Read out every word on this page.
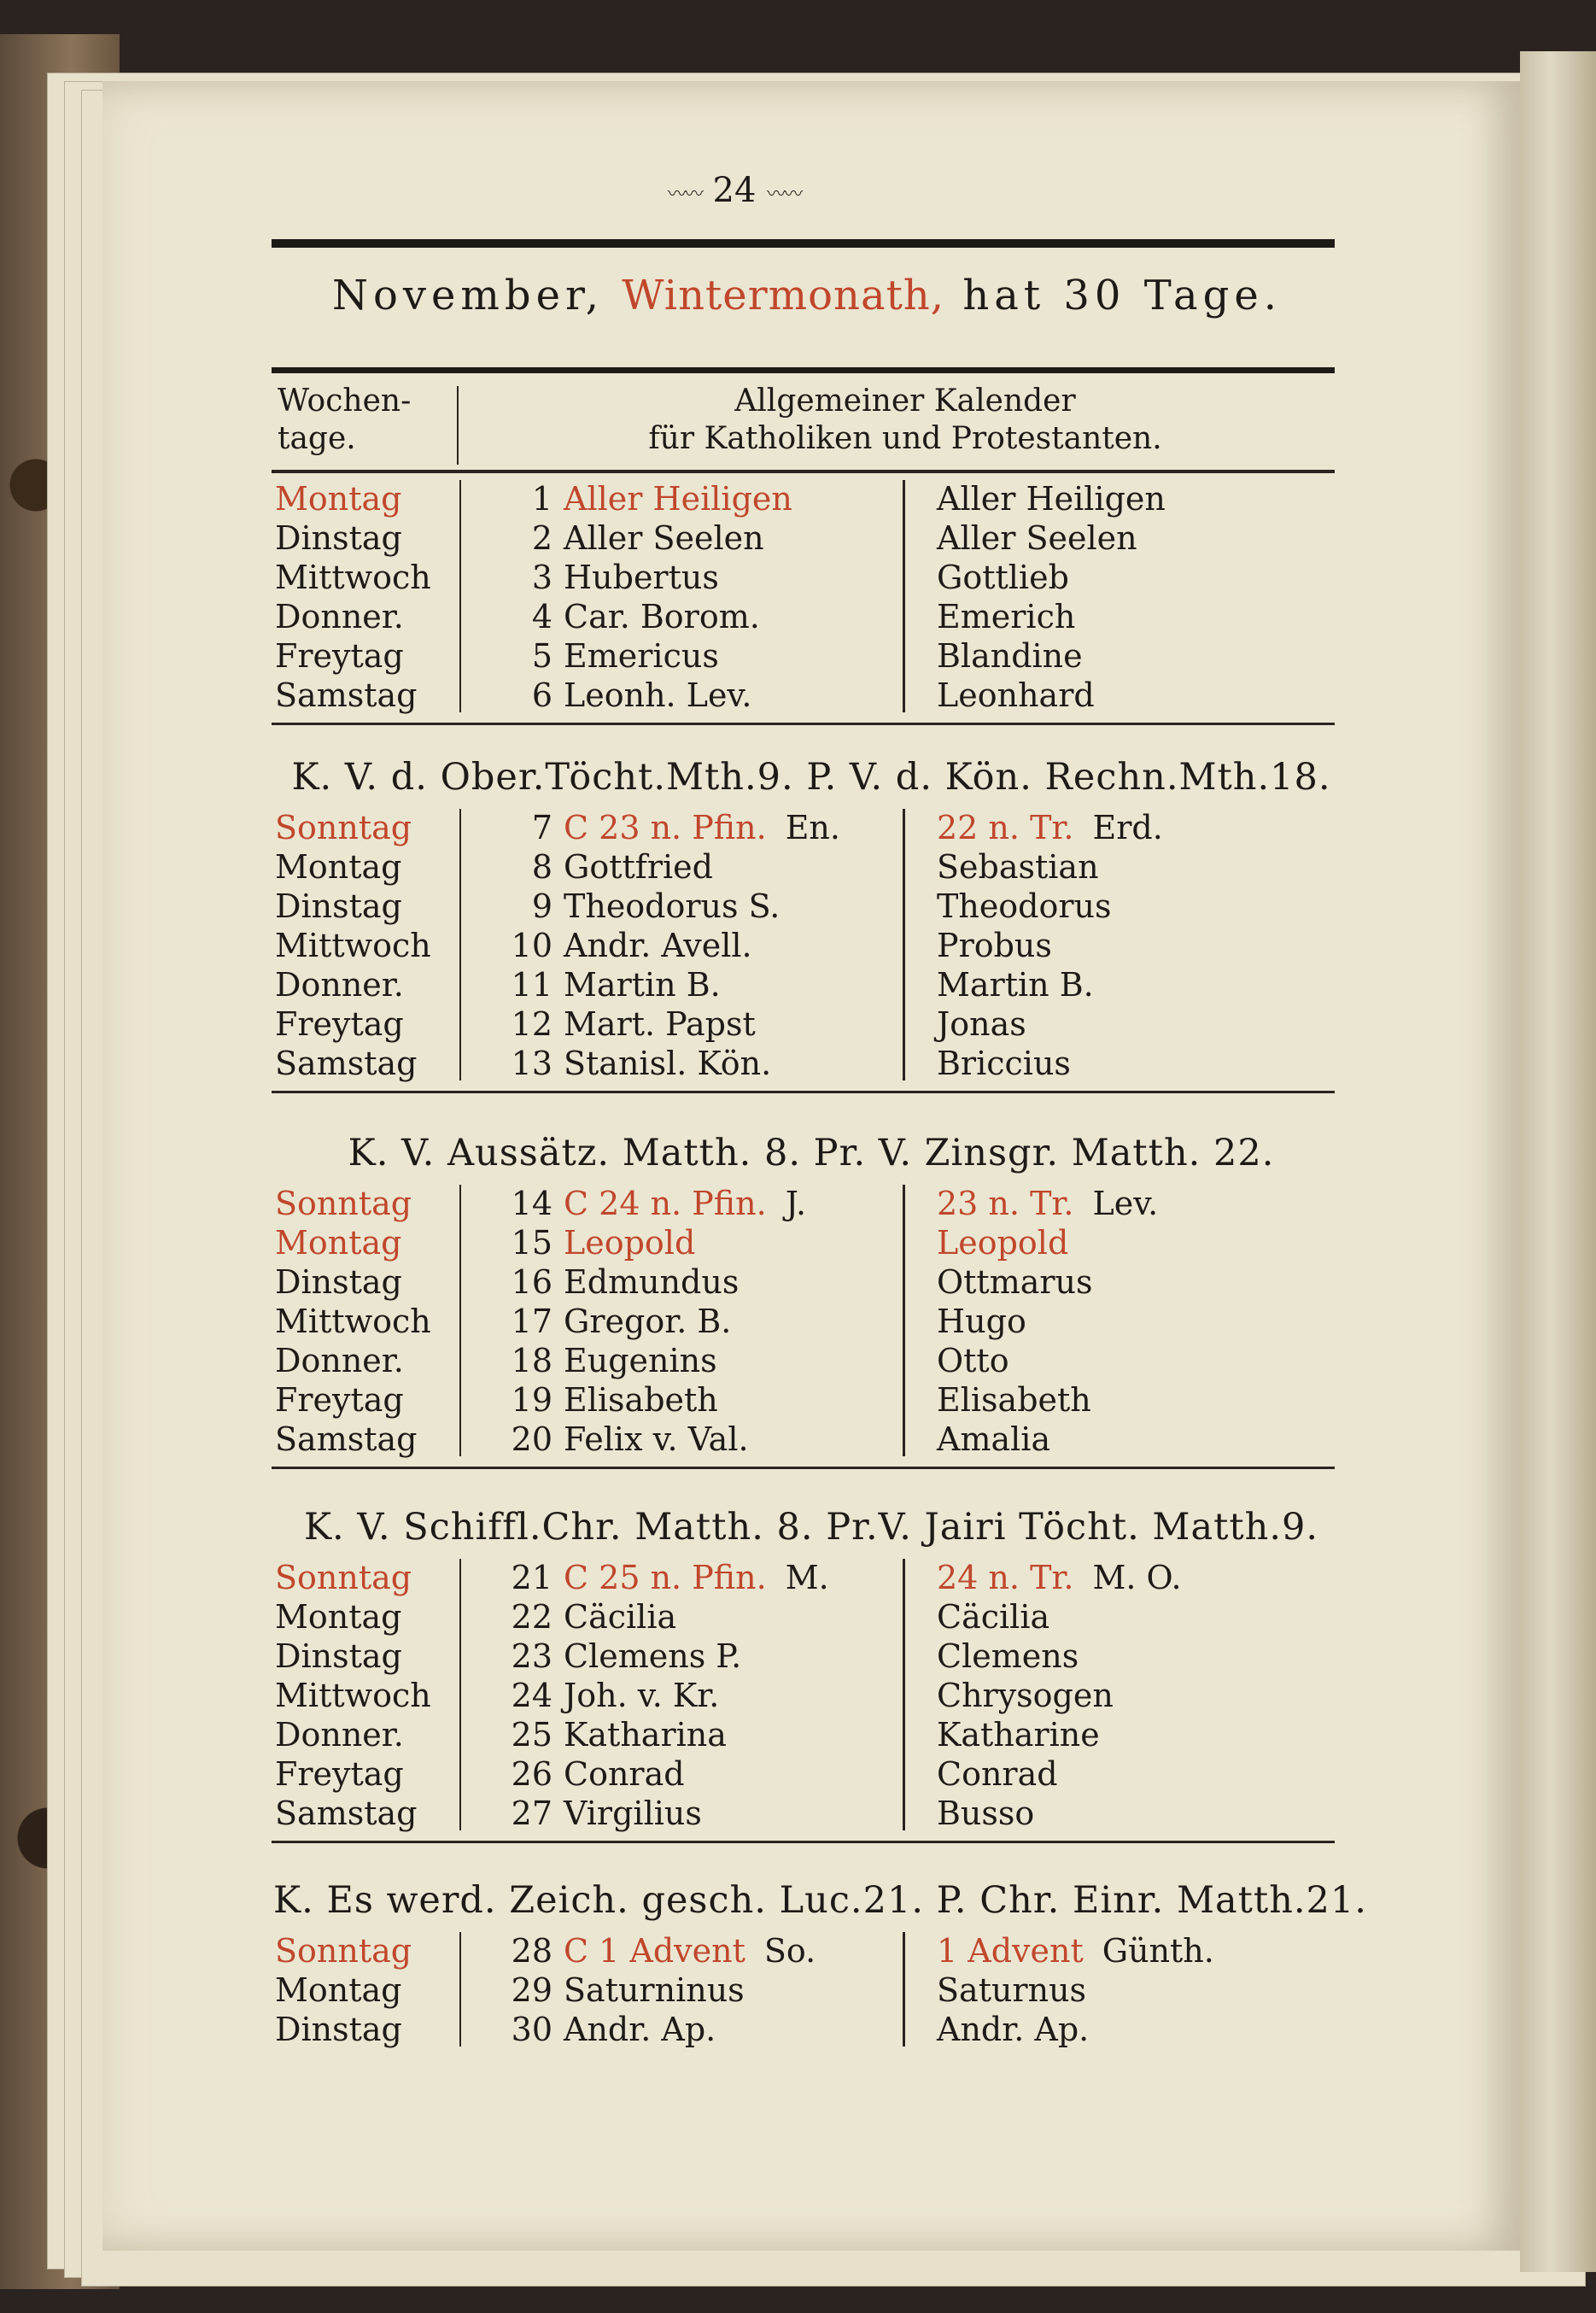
〰〰 24 〰〰
November, Wintermonath, hat 30 Tage.
Wochen-
tage.
Allgemeiner Kalender
für Katholiken und Protestanten.
Montag	1 Aller Heiligen	Aller Heiligen
Dinstag	2 Aller Seelen	Aller Seelen
Mittwoch	3 Hubertus	Gottlieb
Donner.	4 Car. Borom.	Emerich
Freytag	5 Emericus	Blandine
Samstag	6 Leonh. Lev.	Leonhard
K. V. d. Ober.Töcht.Mth.9. P. V. d. Kön. Rechn.Mth.18.
Sonntag	7 C 23 n. Pfin. En.	22 n. Tr. Erd.
Montag	8 Gottfried	Sebastian
Dinstag	9 Theodorus S.	Theodorus
Mittwoch	10 Andr. Avell.	Probus
Donner.	11 Martin B.	Martin B.
Freytag	12 Mart. Papst	Jonas
Samstag	13 Stanisl. Kön.	Briccius
K. V. Aussätz. Matth. 8. Pr. V. Zinsgr. Matth. 22.
Sonntag	14 C 24 n. Pfin. J.	23 n. Tr. Lev.
Montag	15 Leopold	Leopold
Dinstag	16 Edmundus	Ottmarus
Mittwoch	17 Gregor. B.	Hugo
Donner.	18 Eugenins	Otto
Freytag	19 Elisabeth	Elisabeth
Samstag	20 Felix v. Val.	Amalia
K. V. Schiffl.Chr. Matth. 8. Pr.V. Jairi Töcht. Matth.9.
Sonntag	21 C 25 n. Pfin. M.	24 n. Tr. M. O.
Montag	22 Cäcilia	Cäcilia
Dinstag	23 Clemens P.	Clemens
Mittwoch	24 Joh. v. Kr.	Chrysogen
Donner.	25 Katharina	Katharine
Freytag	26 Conrad	Conrad
Samstag	27 Virgilius	Busso
K. Es werd. Zeich. gesch. Luc.21. P. Chr. Einr. Matth.21.
Sonntag	28 C 1 Advent So.	1 Advent Günth.
Montag	29 Saturninus	Saturnus
Dinstag	30 Andr. Ap.	Andr. Ap.
